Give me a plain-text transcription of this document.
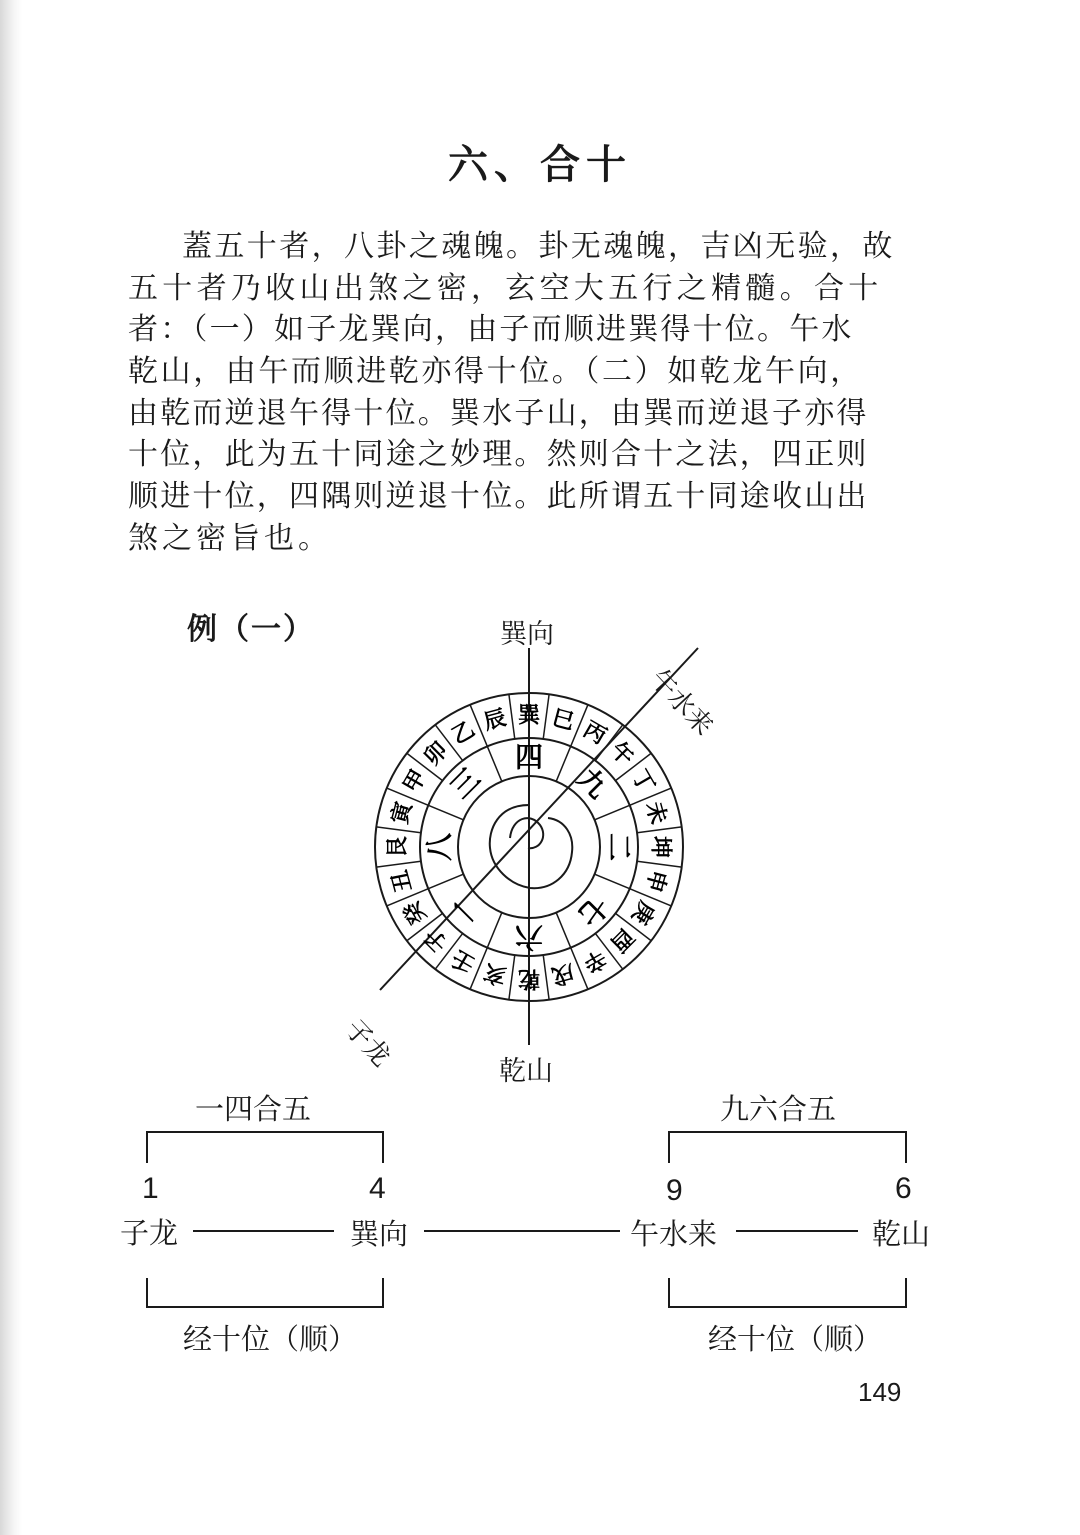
六、合十
蓋五十者，八卦之魂魄。卦无魂魄，吉凶无验，故
五十者乃收山出煞之密，玄空大五行之精髓。合十
者：（一）如子龙巽向，由子而顺进巽得十位。午水
乾山，由午而顺进乾亦得十位。（二）如乾龙午向，
由乾而逆退午得十位。巽水子山，由巽而逆退子亦得
十位，此为五十同途之妙理。然则合十之法，四正则
顺进十位，四隅则逆退十位。此所谓五十同途收山出
煞之密旨也。
例（一）
巽 巳 丙
午
丁
未
坤
申
庚
酉
辛
戌
乾
亥
壬
子
癸
丑
艮
寅
甲
卯
乙 辰
四
九
二
七
六
一
八
三
巽向
乾山
午水来
子龙
一四合五
1	4
子龙	巽向
经十位（顺）
九六合五
9	6
午水来	乾山
经十位（顺）
149
